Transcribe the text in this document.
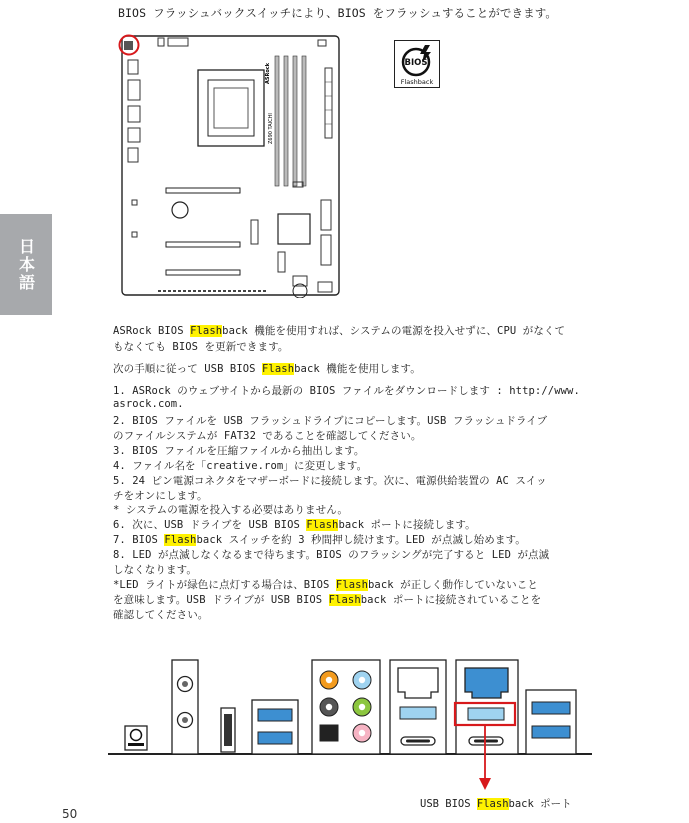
BIOS フラッシュバックスイッチにより、BIOS をフラッシュすることができます。
日本語
Z690 TAICHI
ASRock	BIOS
Flashback
ASRock BIOS Flashback 機能を使用すれば、システムの電源を投入せずに、CPU がなくて
もなくても BIOS を更新できます。
次の手順に従って USB BIOS Flashback 機能を使用します。
1. ASRock のウェブサイトから最新の BIOS ファイルをダウンロードします : http://www.
asrock.com.
2. BIOS ファイルを USB フラッシュドライブにコピーします。USB フラッシュドライブ
のファイルシステムが FAT32 であることを確認してください。
3. BIOS ファイルを圧縮ファイルから抽出します。
4. ファイル名を「creative.rom」に変更します。
5. 24 ピン電源コネクタをマザーボードに接続します。次に、電源供給装置の AC スイッ
チをオンにします。
* システムの電源を投入する必要はありません。
6. 次に、USB ドライブを USB BIOS Flashback ポートに接続します。
7. BIOS Flashback スイッチを約 3 秒間押し続けます。LED が点滅し始めます。
8. LED が点滅しなくなるまで待ちます。BIOS のフラッシングが完了すると LED が点滅
しなくなります。
*LED ライトが緑色に点灯する場合は、BIOS Flashback が正しく動作していないこと
を意味します。USB ドライブが USB BIOS Flashback ポートに接続されていることを
確認してください。
USB BIOS Flashback ポート
50
